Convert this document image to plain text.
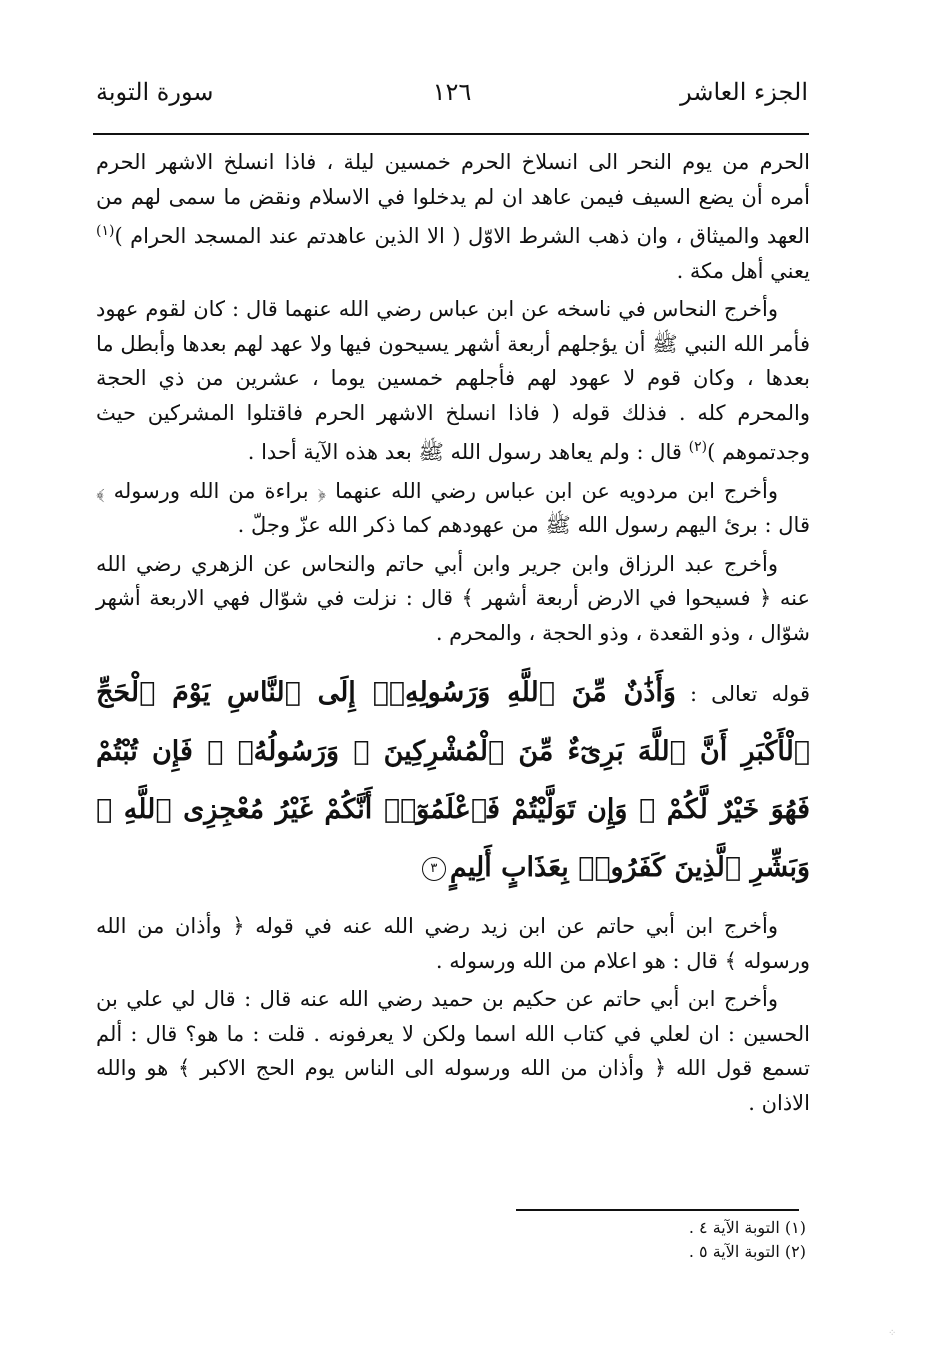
الجزء العاشر
١٢٦
سورة التوبة

الحرم من يوم النحر الى انسلاخ الحرم خمسين ليلة ، فاذا انسلخ الاشهر الحرم أمره أن يضع السيف فيمن عاهد ان لم يدخلوا في الاسلام ونقض ما سمى لهم من العهد والميثاق ، وان ذهب الشرط الاوّل ( الا الذين عاهدتم عند المسجد الحرام )$^{(١)}$ يعني أهل مكة .

وأخرج النحاس في ناسخه عن ابن عباس رضي الله عنهما قال : كان لقوم عهود فأمر الله النبي ﷺ أن يؤجلهم أربعة أشهر يسيحون فيها ولا عهد لهم بعدها وأبطل ما بعدها ، وكان قوم لا عهود لهم فأجلهم خمسين يوما ، عشرين من ذي الحجة والمحرم كله . فذلك قوله ( فاذا انسلخ الاشهر الحرم فاقتلوا المشركين حيث وجدتموهم )$^{(٢)}$ قال : ولم يعاهد رسول الله ﷺ بعد هذه الآية أحدا .

وأخرج ابن مردويه عن ابن عباس رضي الله عنهما ﴿ براءة من الله ورسوله ﴾ قال : برئ اليهم رسول الله ﷺ من عهودهم كما ذكر الله عزّ وجلّ .

وأخرج عبد الرزاق وابن جرير وابن أبي حاتم والنحاس عن الزهري رضي الله عنه ﴿ فسيحوا في الارض أربعة أشهر ﴾ قال : نزلت في شوّال فهي الاربعة أشهر شوّال ، وذو القعدة ، وذو الحجة ، والمحرم .

قوله تعالى : وَأَذَٰنٌ مِّنَ ٱللَّهِ وَرَسُولِهِۦٓ إِلَى ٱلنَّاسِ يَوْمَ ٱلْحَجِّ ٱلْأَكْبَرِ أَنَّ ٱللَّهَ بَرِىٓءٌ مِّنَ ٱلْمُشْرِكِينَ ۙ وَرَسُولُهُۥ ۚ فَإِن تُبْتُمْ فَهُوَ خَيْرٌ لَّكُمْ ۖ وَإِن تَوَلَّيْتُمْ فَٱعْلَمُوٓا۟ أَنَّكُمْ غَيْرُ مُعْجِزِى ٱللَّهِ ۗ وَبَشِّرِ ٱلَّذِينَ كَفَرُوا۟ بِعَذَابٍ أَلِيمٍ٣

وأخرج ابن أبي حاتم عن ابن زيد رضي الله عنه في قوله ﴿ وأذان من الله ورسوله ﴾ قال : هو اعلام من الله ورسوله .

وأخرج ابن أبي حاتم عن حكيم بن حميد رضي الله عنه قال : قال لي علي بن الحسين : ان لعلي في كتاب الله اسما ولكن لا يعرفونه . قلت : ما هو؟ قال : ألم تسمع قول الله ﴿ وأذان من الله ورسوله الى الناس يوم الحج الاكبر ﴾ هو والله الاذان .

(١) التوبة الآية ٤ .
(٢) التوبة الآية ٥ .
⁘
